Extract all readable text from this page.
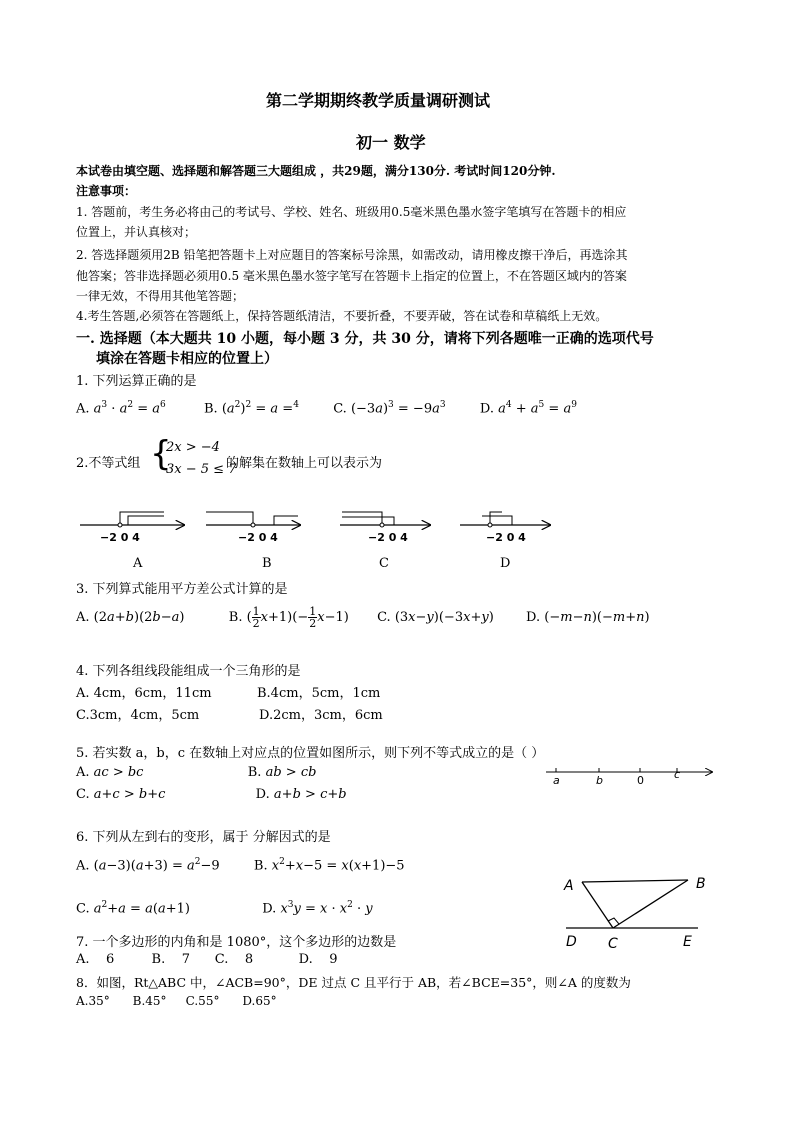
第二学期期终教学质量调研测试
初一 数学
本试卷由填空题、选择题和解答题三大题组成 ，共29题，满分130分. 考试时间120分钟.
注意事项：
1. 答题前，考生务必将由己的考试号、学校、姓名、班级用0.5毫米黑色墨水签字笔填写在答题卡的相应
位置上，并认真核对；
2. 答选择题须用2B 铅笔把答题卡上对应题目的答案标号涂黑，如需改动，请用橡皮擦干净后，再选涂其
他答案；答非选择题必须用0.5 毫米黑色墨水签字笔写在答题卡上指定的位置上，不在答题区域内的答案
一律无效，不得用其他笔答题；
4.考生答题,必须答在答题纸上，保持答题纸清洁，不要折叠，不要弄破，答在试卷和草稿纸上无效。
一. 选择题（本大题共 10 小题，每小题 3 分，共 30 分，请将下列各题唯一正确的选项代号
填涂在答题卡相应的位置上）
1. 下列运算正确的是
A. $a^3 \cdot a^2 = a^6$	B. $(a^2)^2 = a =^4$  C. $(-3a)^3 = -9a^3$  D. $a^4 + a^5 = a^9$
2.不等式组 {
2x > −4
3x − 5 ≤ 7
的解集在数轴上可以表示为
−2 0 4	−2 0 4	−2 0 4	−2 0 4
A	B	C	D
3. 下列算式能用平方差公式计算的是
A. (2a+b)(2b−a)	B. ( $\frac{1}{2} x+1)(- \frac{1}{2} x-1)$  C. (3x−y)(−3x+y)  D. (−m−n)(−m+n)
4. 下列各组线段能组成一个三角形的是
A. 4cm，6cm，11cm	B.4cm，5cm，1cm
C.3cm，4cm，5cm	D.2cm，3cm，6cm
5. 若实数 a，b，c 在数轴上对应点的位置如图所示，则下列不等式成立的是（ ）
A. ac > bc	B. ab > cb
C. a+c > b+c	D. a+b > c+b
a	b	0	c
6. 下列从左到右的变形，属于 分解因式的是
A. $(a-3)(a+3) = a^2-9$  B. $x^2+x-5 = x(x+1)-5$
C. $a^2+a = a(a+1)$	D. $x^3y = x \cdot x^2 \cdot y$
A	B
D C	E
7. 一个多边形的内角和是 1080°，这个多边形的边数是
A.    6         B.    7      C.    8           D.    9
8．如图，Rt△ABC 中，∠ACB=90°，DE 过点 C 且平行于 AB，若∠BCE=35°，则∠A 的度数为
A.35°      B.45°     C.55°      D.65°
